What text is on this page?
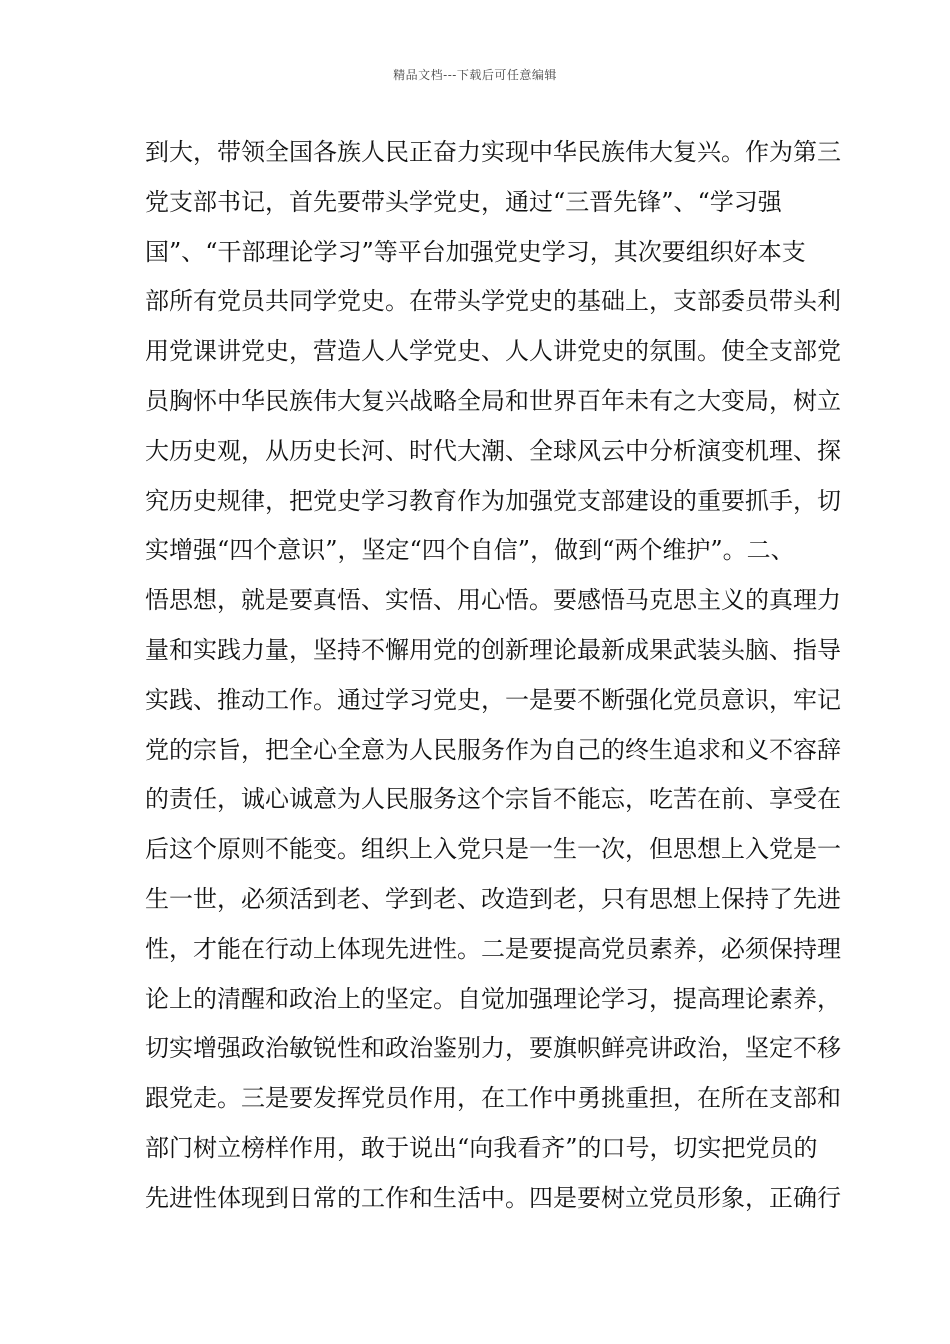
精品文档---下载后可任意编辑
到大，带领全国各族人民正奋力实现中华民族伟大复兴。作为第三
党支部书记，首先要带头学党史，通过“三晋先锋”、“学习强
国”、“干部理论学习”等平台加强党史学习，其次要组织好本支
部所有党员共同学党史。在带头学党史的基础上，支部委员带头利
用党课讲党史，营造人人学党史、人人讲党史的氛围。使全支部党
员胸怀中华民族伟大复兴战略全局和世界百年未有之大变局，树立
大历史观，从历史长河、时代大潮、全球风云中分析演变机理、探
究历史规律，把党史学习教育作为加强党支部建设的重要抓手，切
实增强“四个意识”，坚定“四个自信”，做到“两个维护”。二、
悟思想，就是要真悟、实悟、用心悟。要感悟马克思主义的真理力
量和实践力量，坚持不懈用党的创新理论最新成果武装头脑、指导
实践、推动工作。通过学习党史，一是要不断强化党员意识，牢记
党的宗旨，把全心全意为人民服务作为自己的终生追求和义不容辞
的责任，诚心诚意为人民服务这个宗旨不能忘，吃苦在前、享受在
后这个原则不能变。组织上入党只是一生一次，但思想上入党是一
生一世，必须活到老、学到老、改造到老，只有思想上保持了先进
性，才能在行动上体现先进性。二是要提高党员素养，必须保持理
论上的清醒和政治上的坚定。自觉加强理论学习，提高理论素养，
切实增强政治敏锐性和政治鉴别力，要旗帜鲜亮讲政治，坚定不移
跟党走。三是要发挥党员作用，在工作中勇挑重担，在所在支部和
部门树立榜样作用，敢于说出“向我看齐”的口号，切实把党员的
先进性体现到日常的工作和生活中。四是要树立党员形象，正确行
